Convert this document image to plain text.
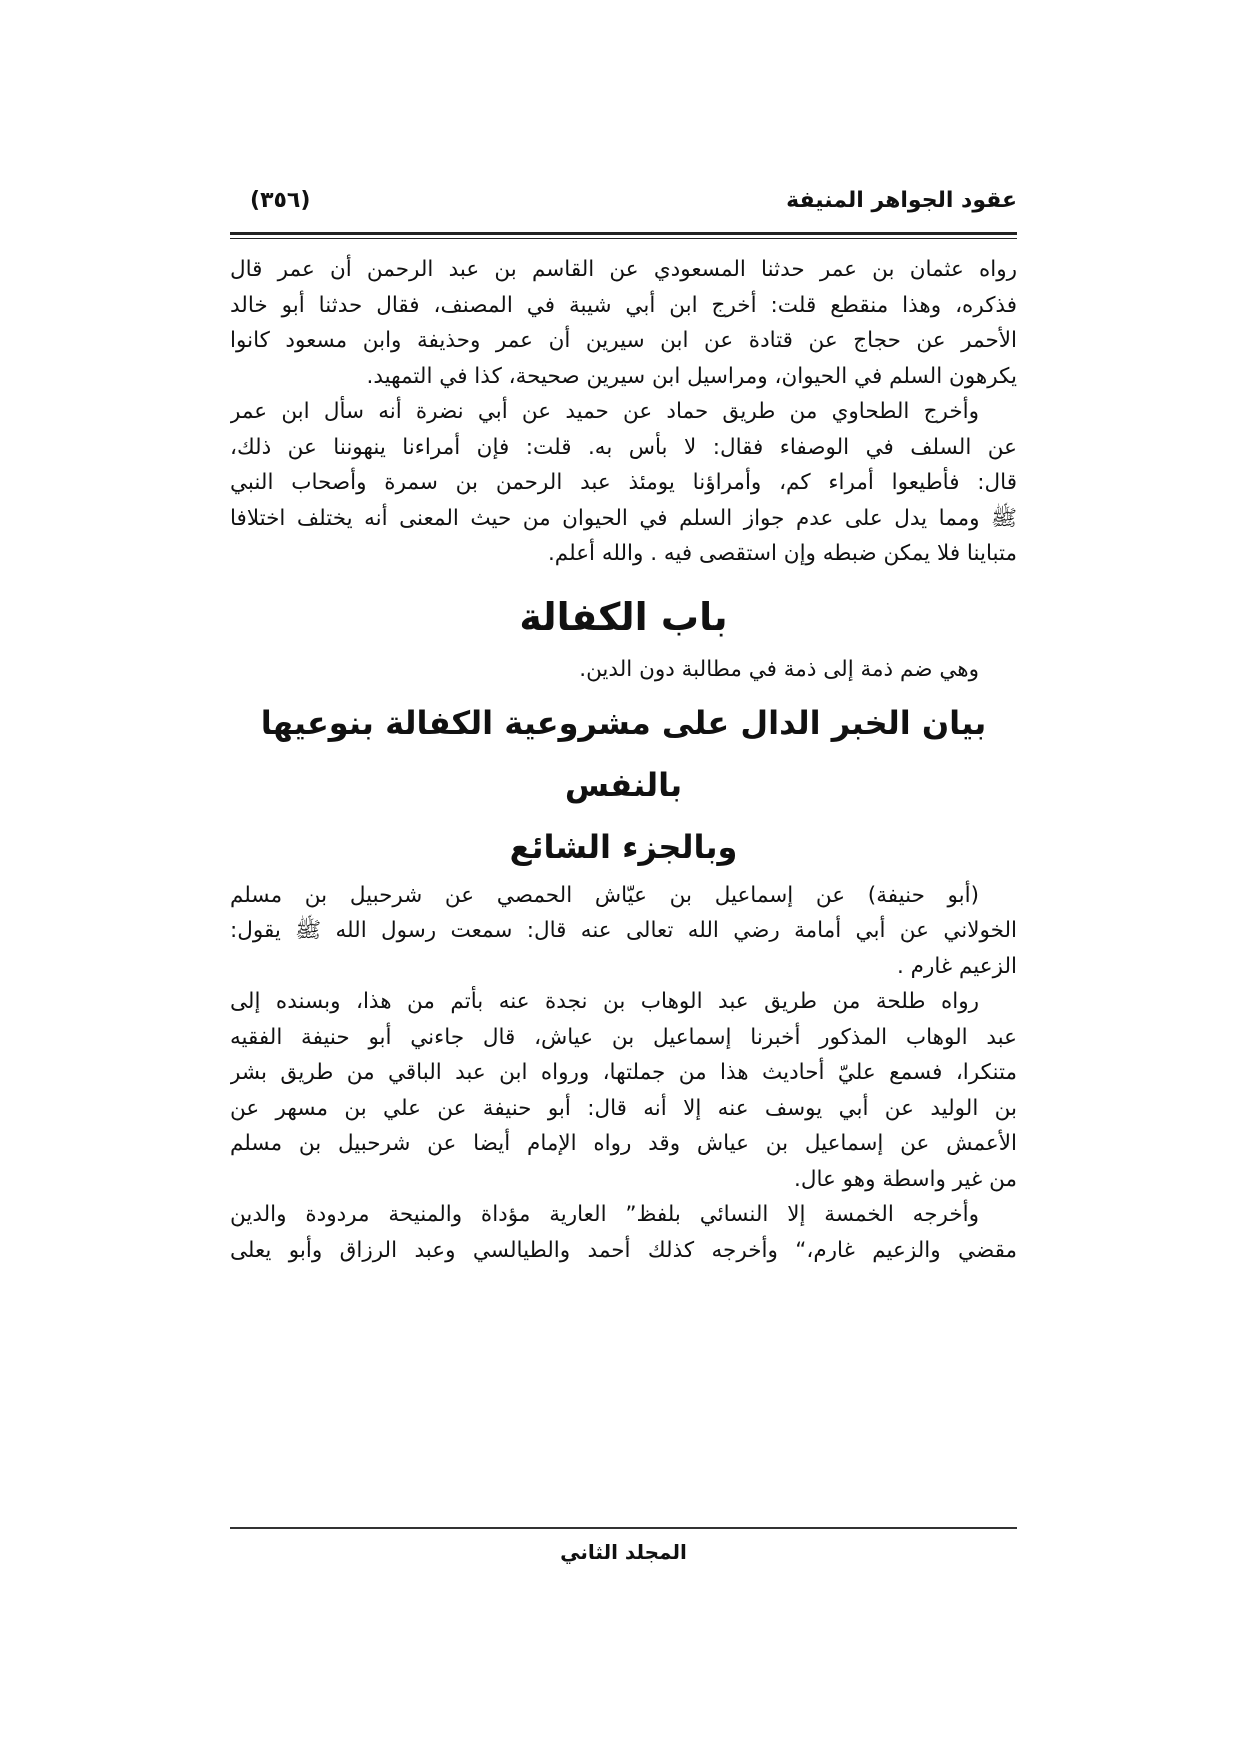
عقود الجواهر المنيفة
(٣٥٦)
رواه عثمان بن عمر حدثنا المسعودي عن القاسم بن عبد الرحمن أن عمر قال
فذكره، وهذا منقطع قلت: أخرج ابن أبي شيبة في المصنف، فقال حدثنا أبو خالد
الأحمر عن حجاج عن قتادة عن ابن سيرين أن عمر وحذيفة وابن مسعود كانوا
يكرهون السلم في الحيوان، ومراسيل ابن سيرين صحيحة، كذا في التمهيد.
وأخرج الطحاوي من طريق حماد عن حميد عن أبي نضرة أنه سأل ابن عمر
عن السلف في الوصفاء فقال: لا بأس به. قلت: فإن أمراءنا ينهوننا عن ذلك،
قال: فأطيعوا أمراء كم، وأمراؤنا يومئذ عبد الرحمن بن سمرة وأصحاب النبي
ﷺ ومما يدل على عدم جواز السلم في الحيوان من حيث المعنى أنه يختلف اختلافا
متباينا فلا يمكن ضبطه وإن استقصى فيه . والله أعلم.
باب الكفالة
وهي ضم ذمة إلى ذمة في مطالبة دون الدين.
بيان الخبر الدال على مشروعية الكفالة بنوعيها بالنفس
وبالجزء الشائع
(أبو حنيفة) عن إسماعيل بن عيّاش الحمصي عن شرحبيل بن مسلم
الخولاني عن أبي أمامة رضي الله تعالى عنه قال: سمعت رسول الله ﷺ يقول:
الزعيم غارم .
رواه طلحة من طريق عبد الوهاب بن نجدة عنه بأتم من هذا، وبسنده إلى
عبد الوهاب المذكور أخبرنا إسماعيل بن عياش، قال جاءني أبو حنيفة الفقيه
متنكرا، فسمع عليّ أحاديث هذا من جملتها، ورواه ابن عبد الباقي من طريق بشر
بن الوليد عن أبي يوسف عنه إلا أنه قال: أبو حنيفة عن علي بن مسهر عن
الأعمش عن إسماعيل بن عياش وقد رواه الإمام أيضا عن شرحبيل بن مسلم
من غير واسطة وهو عال.
وأخرجه الخمسة إلا النسائي بلفظ” العارية مؤداة والمنيحة مردودة والدين
مقضي والزعيم غارم،“ وأخرجه كذلك أحمد والطيالسي وعبد الرزاق وأبو يعلى
المجلد الثاني
